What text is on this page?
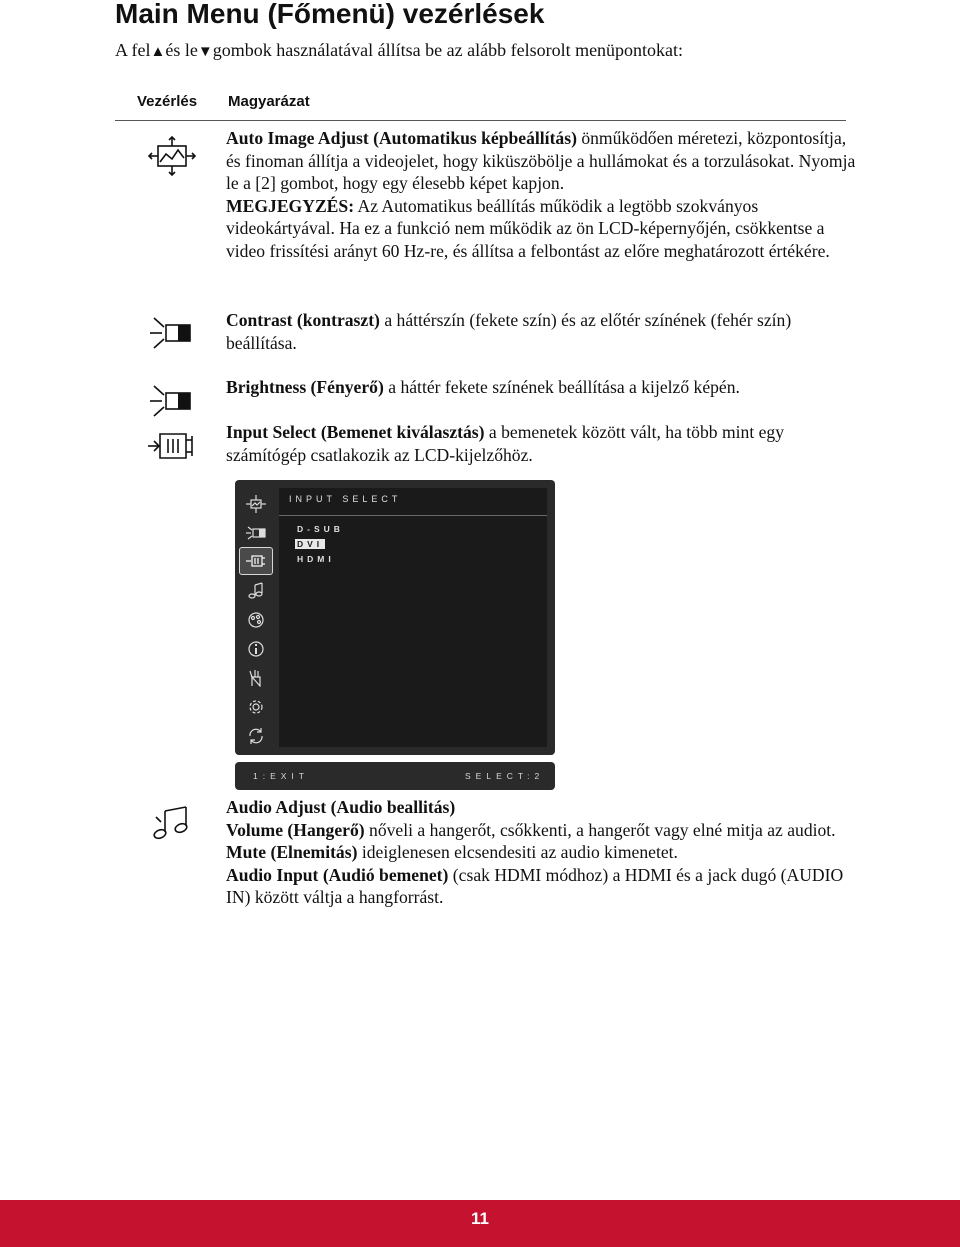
Main Menu (Főmenü) vezérlések
A fel▲és le▼gombok használatával állítsa be az alább felsorolt menüpontokat:
Vezérlés Magyarázat

Auto Image Adjust (Automatikus képbeállítás) önműködően méretezi, központosítja, és finoman állítja a videojelet, hogy kiküszöbölje a hullámokat és a torzulásokat. Nyomja le a [2] gombot, hogy egy élesebb képet kapjon.

MEGJEGYZÉS: Az Automatikus beállítás működik a legtöbb szokványos videokártyával. Ha ez a funkció nem működik az ön LCD-képernyőjén, csökkentse a video frissítési arányt 60 Hz-re, és állítsa a felbontást az előre meghatározott értékére.

Contrast (kontraszt) a háttérszín (fekete szín) és az előtér színének (fehér szín) beállítása.

Brightness (Fényerő) a háttér fekete színének beállítása a kijelző képén.

Input Select (Bemenet kiválasztás) a bemenetek között vált, ha több mint egy számítógép csatlakozik az LCD-kijelzőhöz.

INPUT SELECT
D-SUB
DVI
HDMI
1:EXIT	SELECT:2

Audio Adjust (Audio beallitás)

Volume (Hangerő) nőveli a hangerőt, csőkkenti, a hangerőt vagy elné mitja az audiot.

Mute (Elnemitás) ideiglenesen elcsendesiti az audio kimenetet.

Audio Input (Audió bemenet) (csak HDMI módhoz) a HDMI és a jack dugó (AUDIO IN) között váltja a hangforrást.

11
